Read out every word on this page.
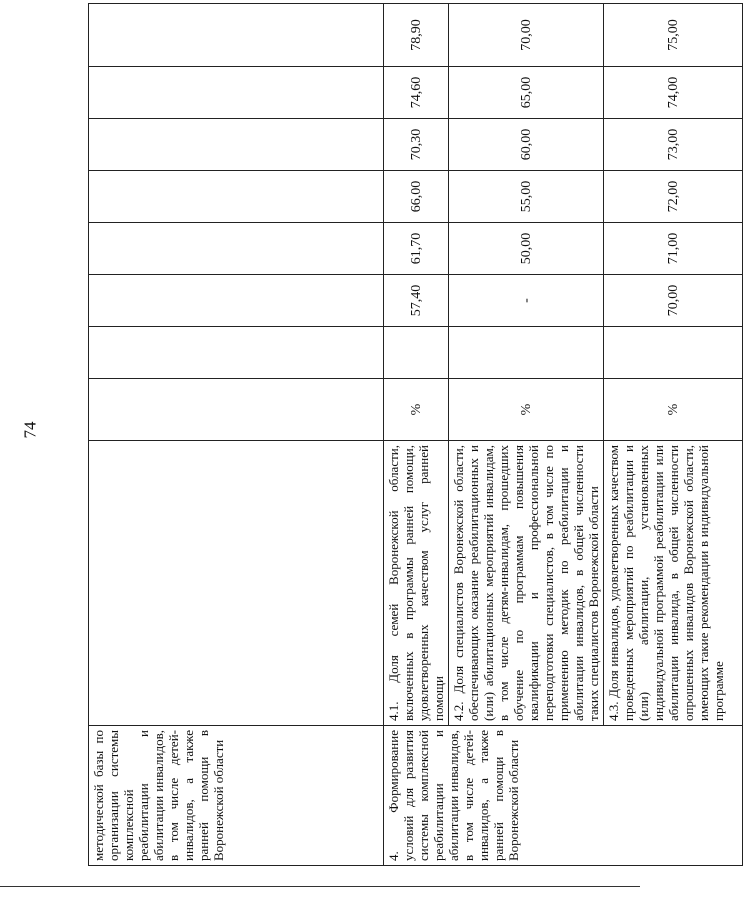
74
методической базы по организации системы комплексной реабилитации и абилитации инвалидов, в том числе детей-инвалидов, а также ранней помощи в Воронежской области									
4. Формирование условий для развития системы комплексной реабилитации и абилитации инвалидов, в том числе детей-инвалидов, а также ранней помощи в Воронежской области	4.1. Доля семей Воронежской области, включенных в программы ранней помощи, удовлетворенных качеством услуг ранней помощи	%		57,40	61,70	66,00	70,30	74,60	78,90
	4.2. Доля специалистов Воронежской области, обеспечивающих оказание реабилитационных и (или) абилитационных мероприятий инвалидам, в том числе детям-инвалидам, прошедших обучение по программам повышения квалификации и профессиональной переподготовки специалистов, в том числе по применению методик по реабилитации и абилитации инвалидов, в общей численности таких специалистов Воронежской области	%		-	50,00	55,00	60,00	65,00	70,00
	4.3. Доля инвалидов, удовлетворенных качеством проведенных мероприятий по реабилитации и (или) абилитации, установленных индивидуальной программой реабилитации или абилитации инвалида, в общей численности опрошенных инвалидов Воронежской области, имеющих такие рекомендации в индивидуальной программе	%		70,00	71,00	72,00	73,00	74,00	75,00
